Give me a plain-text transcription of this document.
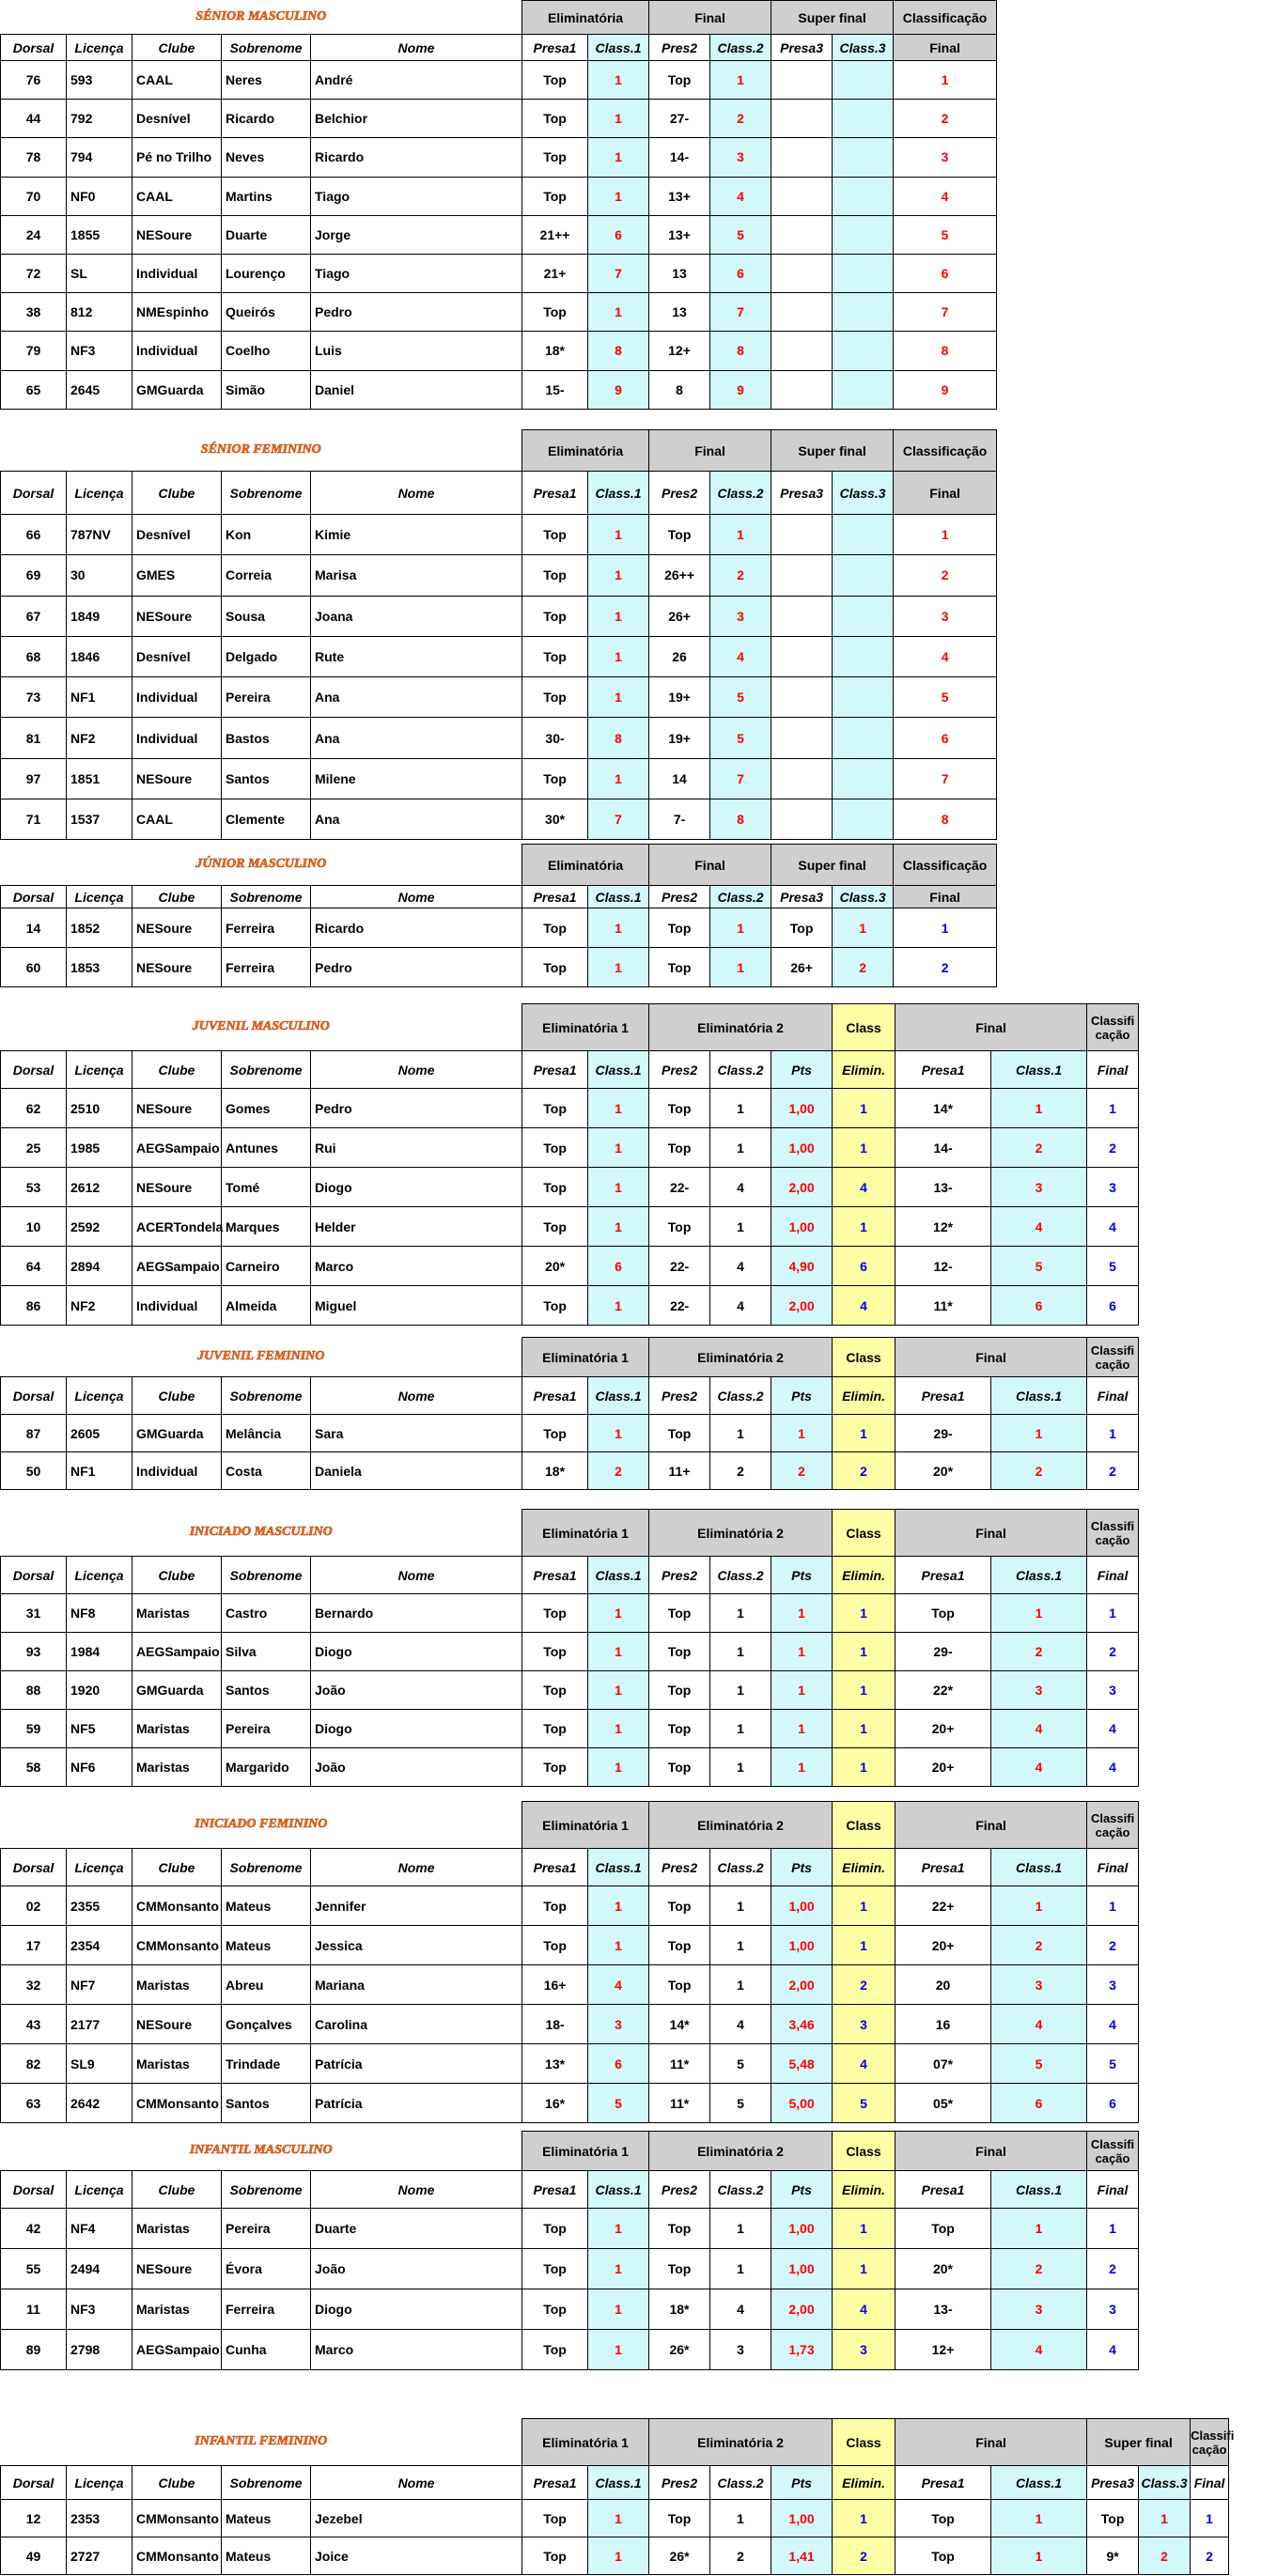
SÉNIOR MASCULINO					Eliminatória		Final		Super final		Classificação
Dorsal	Licença	Clube	Sobrenome	Nome	Presa1	Class.1	Pres2	Class.2	Presa3	Class.3	Final
76	593	CAAL	Neres	André	Top	1	Top	1			1
44	792	Desnível	Ricardo	Belchior	Top	1	27-	2			2
78	794	Pé no Trilho	Neves	Ricardo	Top	1	14-	3			3
70	NF0	CAAL	Martins	Tiago	Top	1	13+	4			4
24	1855	NESoure	Duarte	Jorge	21++	6	13+	5			5
72	SL	Individual	Lourenço	Tiago	21+	7	13	6			6
38	812	NMEspinho	Queirós	Pedro	Top	1	13	7			7
79	NF3	Individual	Coelho	Luis	18*	8	12+	8			8
65	2645	GMGuarda	Simão	Daniel	15-	9	8	9			9
SÉNIOR FEMININO					Eliminatória		Final		Super final		Classificação
Dorsal	Licença	Clube	Sobrenome	Nome	Presa1	Class.1	Pres2	Class.2	Presa3	Class.3	Final
66	787NV	Desnível	Kon	Kimie	Top	1	Top	1			1
69	30	GMES	Correia	Marisa	Top	1	26++	2			2
67	1849	NESoure	Sousa	Joana	Top	1	26+	3			3
68	1846	Desnível	Delgado	Rute	Top	1	26	4			4
73	NF1	Individual	Pereira	Ana	Top	1	19+	5			5
81	NF2	Individual	Bastos	Ana	30-	8	19+	5			6
97	1851	NESoure	Santos	Milene	Top	1	14	7			7
71	1537	CAAL	Clemente	Ana	30*	7	7-	8			8
JÚNIOR MASCULINO					Eliminatória		Final		Super final		Classificação
Dorsal	Licença	Clube	Sobrenome	Nome	Presa1	Class.1	Pres2	Class.2	Presa3	Class.3	Final
14	1852	NESoure	Ferreira	Ricardo	Top	1	Top	1	Top	1	1
60	1853	NESoure	Ferreira	Pedro	Top	1	Top	1	26+	2	2
JUVENIL MASCULINO					Eliminatória 1		Eliminatória 2			Class	Final		Classifi cação
Dorsal	Licença	Clube	Sobrenome	Nome	Presa1	Class.1	Pres2	Class.2	Pts	Elimin.	Presa1	Class.1	Final
62	2510	NESoure	Gomes	Pedro	Top	1	Top	1	1,00	1	14*	1	1
25	1985	AEGSampaio	Antunes	Rui	Top	1	Top	1	1,00	1	14-	2	2
53	2612	NESoure	Tomé	Diogo	Top	1	22-	4	2,00	4	13-	3	3
10	2592	ACERTondela	Marques	Helder	Top	1	Top	1	1,00	1	12*	4	4
64	2894	AEGSampaio	Carneiro	Marco	20*	6	22-	4	4,90	6	12-	5	5
86	NF2	Individual	Almeida	Miguel	Top	1	22-	4	2,00	4	11*	6	6
JUVENIL FEMININO					Eliminatória 1		Eliminatória 2			Class	Final		Classifi cação
Dorsal	Licença	Clube	Sobrenome	Nome	Presa1	Class.1	Pres2	Class.2	Pts	Elimin.	Presa1	Class.1	Final
87	2605	GMGuarda	Melância	Sara	Top	1	Top	1	1	1	29-	1	1
50	NF1	Individual	Costa	Daniela	18*	2	11+	2	2	2	20*	2	2
INICIADO MASCULINO					Eliminatória 1		Eliminatória 2			Class	Final		Classifi cação
Dorsal	Licença	Clube	Sobrenome	Nome	Presa1	Class.1	Pres2	Class.2	Pts	Elimin.	Presa1	Class.1	Final
31	NF8	Maristas	Castro	Bernardo	Top	1	Top	1	1	1	Top	1	1
93	1984	AEGSampaio	Silva	Diogo	Top	1	Top	1	1	1	29-	2	2
88	1920	GMGuarda	Santos	João	Top	1	Top	1	1	1	22*	3	3
59	NF5	Maristas	Pereira	Diogo	Top	1	Top	1	1	1	20+	4	4
58	NF6	Maristas	Margarido	João	Top	1	Top	1	1	1	20+	4	4
INICIADO FEMININO					Eliminatória 1		Eliminatória 2			Class	Final		Classifi cação
Dorsal	Licença	Clube	Sobrenome	Nome	Presa1	Class.1	Pres2	Class.2	Pts	Elimin.	Presa1	Class.1	Final
02	2355	CMMonsanto	Mateus	Jennifer	Top	1	Top	1	1,00	1	22+	1	1
17	2354	CMMonsanto	Mateus	Jessica	Top	1	Top	1	1,00	1	20+	2	2
32	NF7	Maristas	Abreu	Mariana	16+	4	Top	1	2,00	2	20	3	3
43	2177	NESoure	Gonçalves	Carolina	18-	3	14*	4	3,46	3	16	4	4
82	SL9	Maristas	Trindade	Patrícia	13*	6	11*	5	5,48	4	07*	5	5
63	2642	CMMonsanto	Santos	Patrícia	16*	5	11*	5	5,00	5	05*	6	6
INFANTIL MASCULINO					Eliminatória 1		Eliminatória 2			Class	Final		Classifi cação
Dorsal	Licença	Clube	Sobrenome	Nome	Presa1	Class.1	Pres2	Class.2	Pts	Elimin.	Presa1	Class.1	Final
42	NF4	Maristas	Pereira	Duarte	Top	1	Top	1	1,00	1	Top	1	1
55	2494	NESoure	Évora	João	Top	1	Top	1	1,00	1	20*	2	2
11	NF3	Maristas	Ferreira	Diogo	Top	1	18*	4	2,00	4	13-	3	3
89	2798	AEGSampaio	Cunha	Marco	Top	1	26*	3	1,73	3	12+	4	4
INFANTIL FEMININO					Eliminatória 1		Eliminatória 2			Class	Final		Super final		Classifi cação
Dorsal	Licença	Clube	Sobrenome	Nome	Presa1	Class.1	Pres2	Class.2	Pts	Elimin.	Presa1	Class.1	Presa3	Class.3	Final
12	2353	CMMonsanto	Mateus	Jezebel	Top	1	Top	1	1,00	1	Top	1	Top	1	1
49	2727	CMMonsanto	Mateus	Joice	Top	1	26*	2	1,41	2	Top	1	9*	2	2
